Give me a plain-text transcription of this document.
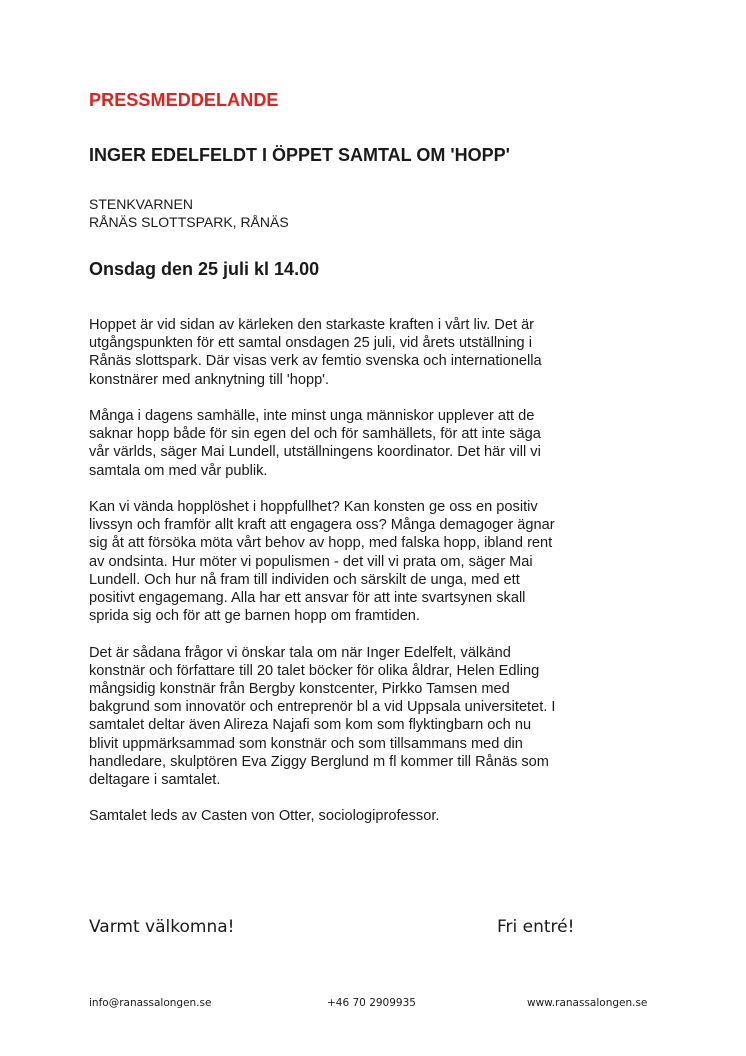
PRESSMEDDELANDE
INGER EDELFELDT I ÖPPET SAMTAL OM 'HOPP'
STENKVARNEN
RÅNÄS SLOTTSPARK, RÅNÄS
Onsdag den 25 juli kl 14.00

Hoppet är vid sidan av kärleken den starkaste kraften i vårt liv. Det är
utgångspunkten för ett samtal onsdagen 25 juli, vid årets utställning i
Rånäs slottspark. Där visas verk av femtio svenska och internationella
konstnärer med anknytning till 'hopp'.

Många i dagens samhälle, inte minst unga människor upplever att de
saknar hopp både för sin egen del och för samhällets, för att inte säga
vår världs, säger Mai Lundell, utställningens koordinator. Det här vill vi
samtala om med vår publik.

Kan vi vända hopplöshet i hoppfullhet? Kan konsten ge oss en positiv
livssyn och framför allt kraft att engagera oss? Många demagoger ägnar
sig åt att försöka möta vårt behov av hopp, med falska hopp, ibland rent
av ondsinta. Hur möter vi populismen - det vill vi prata om, säger Mai
Lundell. Och hur nå fram till individen och särskilt de unga, med ett
positivt engagemang. Alla har ett ansvar för att inte svartsynen skall
sprida sig och för att ge barnen hopp om framtiden.

Det är sådana frågor vi önskar tala om när Inger Edelfelt, välkänd
konstnär och författare till 20 talet böcker för olika åldrar, Helen Edling
mångsidig konstnär från Bergby konstcenter, Pirkko Tamsen med
bakgrund som innovatör och entreprenör bl a vid Uppsala universitetet. I
samtalet deltar även Alireza Najafi som kom som flyktingbarn och nu
blivit uppmärksammad som konstnär och som tillsammans med din
handledare, skulptören Eva Ziggy Berglund m fl kommer till Rånäs som
deltagare i samtalet.

Samtalet leds av Casten von Otter, sociologiprofessor.

Varmt välkomna!	Fri entré!
info@ranassalongen.se	+46 70 2909935	www.ranassalongen.se
